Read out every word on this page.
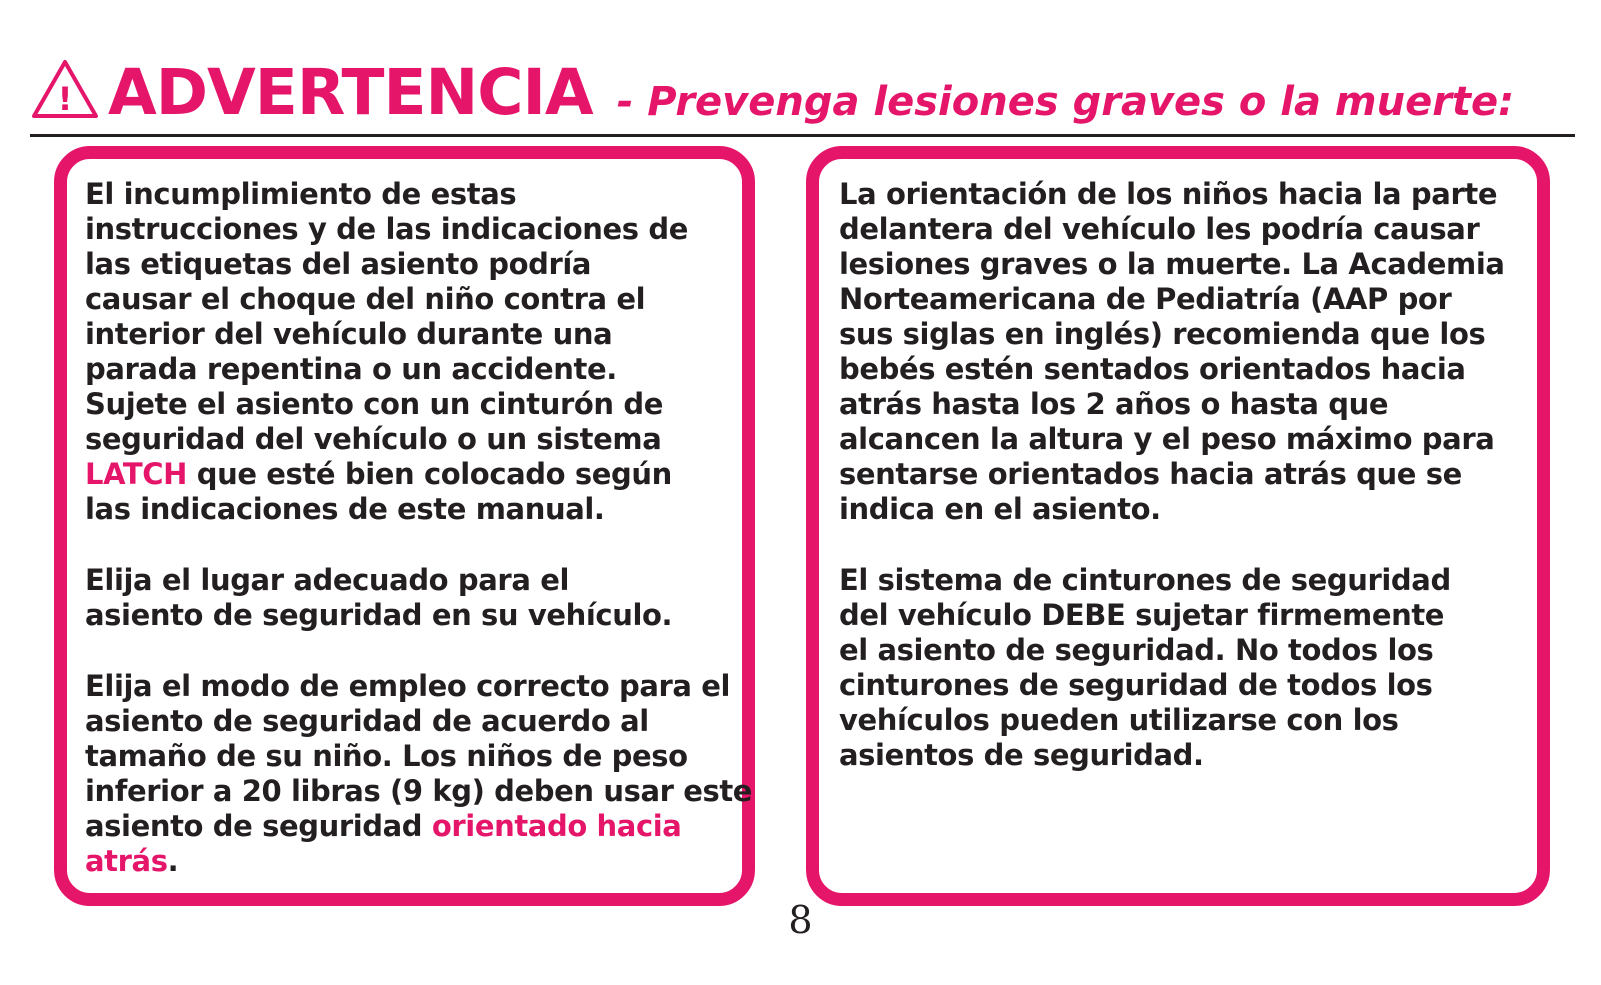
! ADVERTENCIA - Prevenga lesiones graves o la muerte:

El incumplimiento de estas
instrucciones y de las indicaciones de
las etiquetas del asiento podría
causar el choque del niño contra el
interior del vehículo durante una
parada repentina o un accidente.
Sujete el asiento con un cinturón de
seguridad del vehículo o un sistema
LATCH que esté bien colocado según
las indicaciones de este manual.

Elija el lugar adecuado para el
asiento de seguridad en su vehículo.

Elija el modo de empleo correcto para el
asiento de seguridad de acuerdo al
tamaño de su niño. Los niños de peso
inferior a 20 libras (9 kg) deben usar este
asiento de seguridad orientado hacia
atrás.

La orientación de los niños hacia la parte
delantera del vehículo les podría causar
lesiones graves o la muerte. La Academia
Norteamericana de Pediatría (AAP por
sus siglas en inglés) recomienda que los
bebés estén sentados orientados hacia
atrás hasta los 2 años o hasta que
alcancen la altura y el peso máximo para
sentarse orientados hacia atrás que se
indica en el asiento.

El sistema de cinturones de seguridad
del vehículo DEBE sujetar firmemente
el asiento de seguridad. No todos los
cinturones de seguridad de todos los
vehículos pueden utilizarse con los
asientos de seguridad.

8
